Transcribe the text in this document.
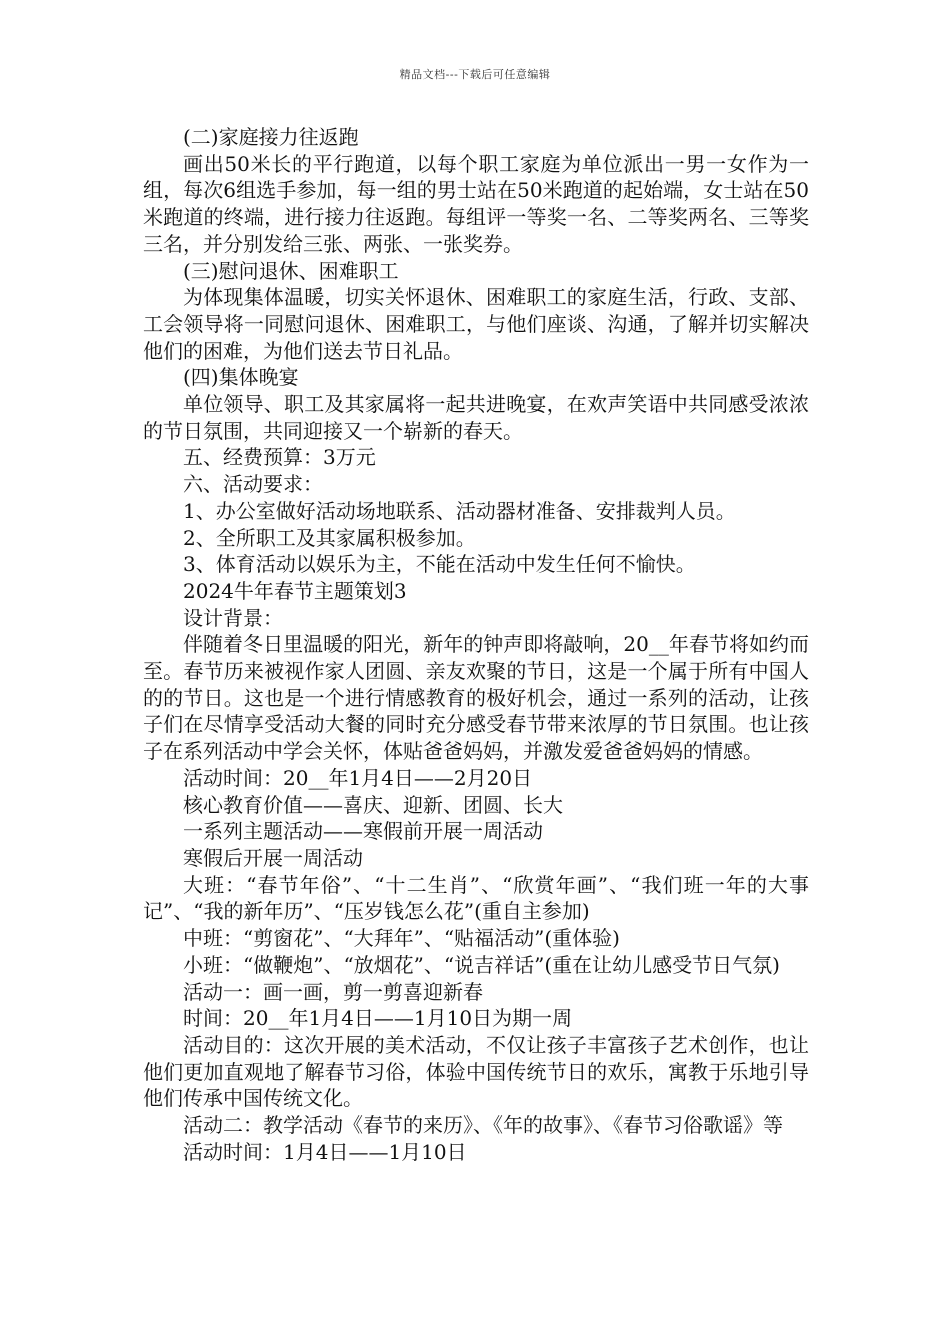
精品文档---下载后可任意编辑

(二)家庭接力往返跑

画出50米长的平行跑道，以每个职工家庭为单位派出一男一女作为一组，每次6组选手参加，每一组的男士站在50米跑道的起始端，女士站在50米跑道的终端，进行接力往返跑。每组评一等奖一名、二等奖两名、三等奖三名，并分别发给三张、两张、一张奖券。

(三)慰问退休、困难职工

为体现集体温暖，切实关怀退休、困难职工的家庭生活，行政、支部、工会领导将一同慰问退休、困难职工，与他们座谈、沟通，了解并切实解决他们的困难，为他们送去节日礼品。

(四)集体晚宴

单位领导、职工及其家属将一起共进晚宴，在欢声笑语中共同感受浓浓的节日氛围，共同迎接又一个崭新的春天。

五、经费预算：3万元

六、活动要求：

1、办公室做好活动场地联系、活动器材准备、安排裁判人员。

2、全所职工及其家属积极参加。

3、体育活动以娱乐为主，不能在活动中发生任何不愉快。

2024牛年春节主题策划3

设计背景：

伴随着冬日里温暖的阳光，新年的钟声即将敲响，20__年春节将如约而至。春节历来被视作家人团圆、亲友欢聚的节日，这是一个属于所有中国人的的节日。这也是一个进行情感教育的极好机会，通过一系列的活动，让孩子们在尽情享受活动大餐的同时充分感受春节带来浓厚的节日氛围。也让孩子在系列活动中学会关怀，体贴爸爸妈妈，并激发爱爸爸妈妈的情感。

活动时间：20__年1月4日——2月20日

核心教育价值——喜庆、迎新、团圆、长大

一系列主题活动——寒假前开展一周活动

寒假后开展一周活动

大班：“春节年俗”、“十二生肖”、“欣赏年画”、“我们班一年的大事记”、“我的新年历”、“压岁钱怎么花”(重自主参加)

中班：“剪窗花”、“大拜年”、“贴福活动”(重体验)

小班：“做鞭炮”、“放烟花”、“说吉祥话”(重在让幼儿感受节日气氛)

活动一：画一画，剪一剪喜迎新春

时间：20__年1月4日——1月10日为期一周

活动目的：这次开展的美术活动，不仅让孩子丰富孩子艺术创作，也让他们更加直观地了解春节习俗，体验中国传统节日的欢乐，寓教于乐地引导他们传承中国传统文化。

活动二：教学活动《春节的来历》、《年的故事》、《春节习俗歌谣》等

活动时间：1月4日——1月10日
